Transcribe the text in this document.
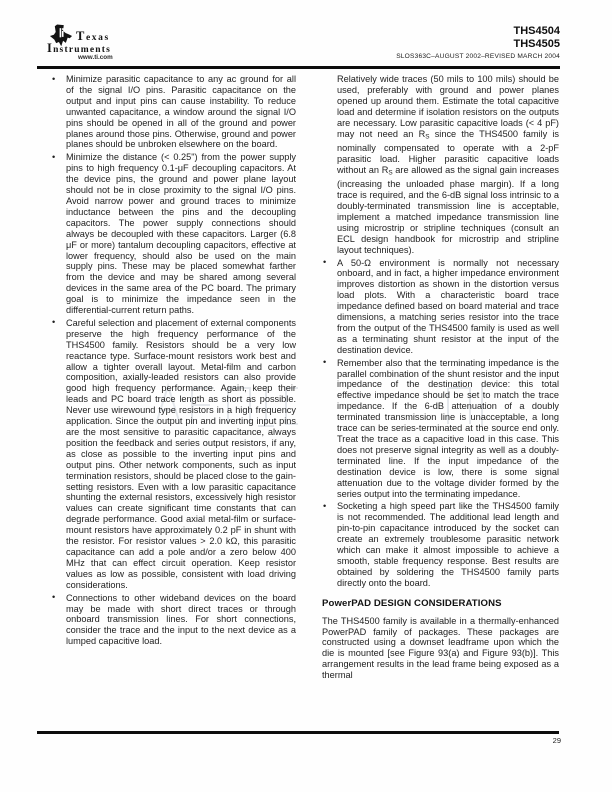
Texas
Instruments
www.ti.com
THS4504
THS4505
SLOS363C–AUGUST 2002–REVISED MARCH 2004
• Minimize parasitic capacitance to any ac ground for all of the signal I/O pins. Parasitic capacitance on the output and input pins can cause instability. To reduce unwanted capacitance, a window around the signal I/O pins should be opened in all of the ground and power planes around those pins. Otherwise, ground and power planes should be unbroken elsewhere on the board.
• Minimize the distance (< 0.25") from the power supply pins to high frequency 0.1-μF decoupling capacitors. At the device pins, the ground and power plane layout should not be in close proximity to the signal I/O pins. Avoid narrow power and ground traces to minimize inductance between the pins and the decoupling capacitors. The power supply connections should always be decoupled with these capacitors. Larger (6.8 μF or more) tantalum decoupling capacitors, effective at lower frequency, should also be used on the main supply pins. These may be placed somewhat farther from the device and may be shared among several devices in the same area of the PC board. The primary goal is to minimize the impedance seen in the differential-current return paths.
• Careful selection and placement of external components preserve the high frequency performance of the THS4500 family. Resistors should be a very low reactance type. Surface-mount resistors work best and allow a tighter overall layout. Metal-film and carbon composition, axially-leaded resistors can also provide good high frequency performance. Again, keep their leads and PC board trace length as short as possible. Never use wirewound type resistors in a high frequency application. Since the output pin and inverting input pins are the most sensitive to parasitic capacitance, always position the feedback and series output resistors, if any, as close as possible to the inverting input pins and output pins. Other network components, such as input termination resistors, should be placed close to the gain-setting resistors. Even with a low parasitic capacitance shunting the external resistors, excessively high resistor values can create significant time constants that can degrade performance. Good axial metal-film or surface-mount resistors have approximately 0.2 pF in shunt with the resistor. For resistor values > 2.0 kΩ, this parasitic capacitance can add a pole and/or a zero below 400 MHz that can effect circuit operation. Keep resistor values as low as possible, consistent with load driving considerations.
• Connections to other wideband devices on the board may be made with short direct traces or through onboard transmission lines. For short connections, consider the trace and the input to the next device as a lumped capacitive load.

Relatively wide traces (50 mils to 100 mils) should be used, preferably with ground and power planes opened up around them. Estimate the total capacitive load and determine if isolation resistors on the outputs are necessary. Low parasitic capacitive loads (< 4 pF) may not need an $R_S$ since the THS4500 family is nominally compensated to operate with a 2-pF parasitic load. Higher parasitic capacitive loads without an $R_S$ are allowed as the signal gain increases (increasing the unloaded phase margin). If a long trace is required, and the 6-dB signal loss intrinsic to a doubly-terminated transmission line is acceptable, implement a matched impedance transmission line using microstrip or stripline techniques (consult an ECL design handbook for microstrip and stripline layout techniques).

• A 50-Ω environment is normally not necessary onboard, and in fact, a higher impedance environment improves distortion as shown in the distortion versus load plots. With a characteristic board trace impedance defined based on board material and trace dimensions, a matching series resistor into the trace from the output of the THS4500 family is used as well as a terminating shunt resistor at the input of the destination device.
• Remember also that the terminating impedance is the parallel combination of the shunt resistor and the input impedance of the destination device: this total effective impedance should be set to match the trace impedance. If the 6-dB attenuation of a doubly terminated transmission line is unacceptable, a long trace can be series-terminated at the source end only. Treat the trace as a capacitive load in this case. This does not preserve signal integrity as well as a doubly-terminated line. If the input impedance of the destination device is low, there is some signal attenuation due to the voltage divider formed by the series output into the terminating impedance.
• Socketing a high speed part like the THS4500 family is not recommended. The additional lead length and pin-to-pin capacitance introduced by the socket can create an extremely troublesome parasitic network which can make it almost impossible to achieve a smooth, stable frequency response. Best results are obtained by soldering the THS4500 family parts directly onto the board.
PowerPAD DESIGN CONSIDERATIONS

The THS4500 family is available in a thermally-enhanced PowerPAD family of packages. These packages are constructed using a downset leadframe upon which the die is mounted [see Figure 93(a) and Figure 93(b)]. This arrangement results in the lead frame being exposed as a thermal

29
